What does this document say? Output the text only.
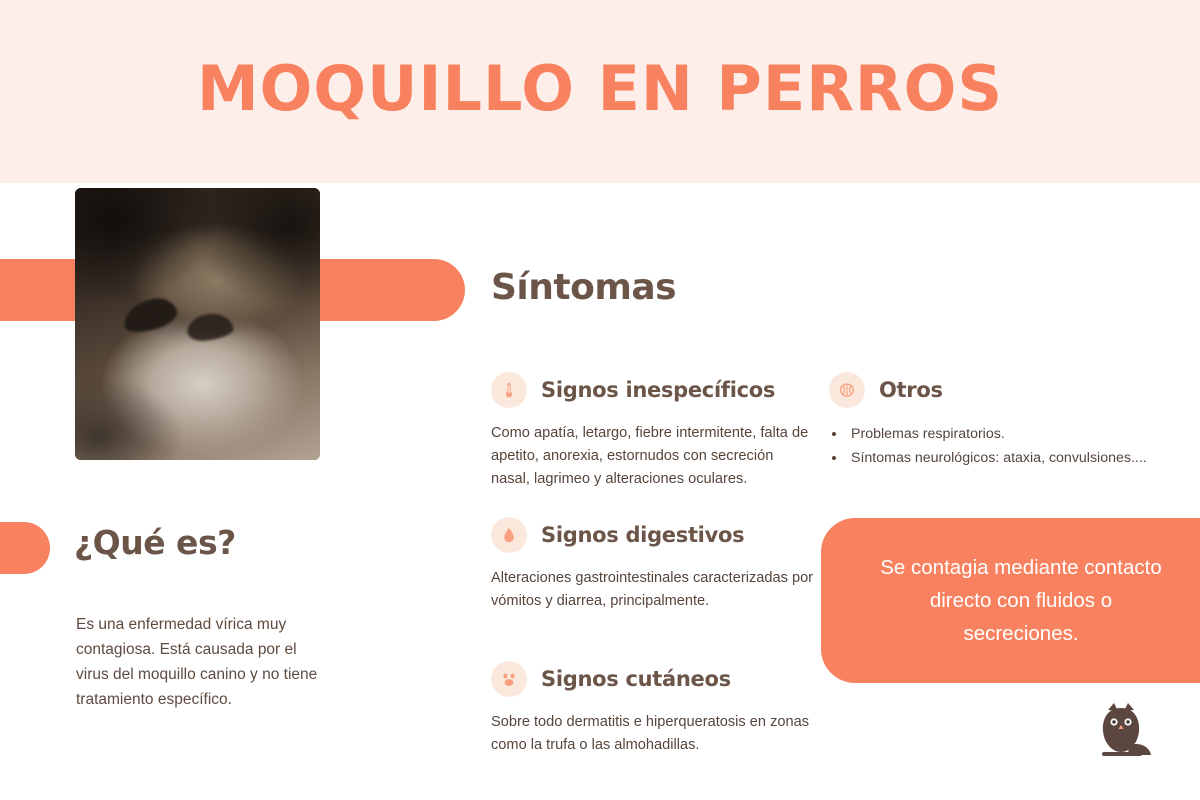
MOQUILLO EN PERROS
¿Qué es?

Es una enfermedad vírica muy contagiosa. Está causada por el virus del moquillo canino y no tiene tratamiento específico.

Síntomas
Signos inespecíficos

Como apatía, letargo, fiebre intermitente, falta de apetito, anorexia, estornudos con secreción nasal, lagrimeo y alteraciones oculares.

Signos digestivos

Alteraciones gastrointestinales caracterizadas por vómitos y diarrea, principalmente.

Signos cutáneos

Sobre todo dermatitis e hiperqueratosis en zonas como la trufa o las almohadillas.

Otros
• Problemas respiratorios.
• Síntomas neurológicos: ataxia, convulsiones....

Se contagia mediante contacto directo con fluidos o secreciones.
